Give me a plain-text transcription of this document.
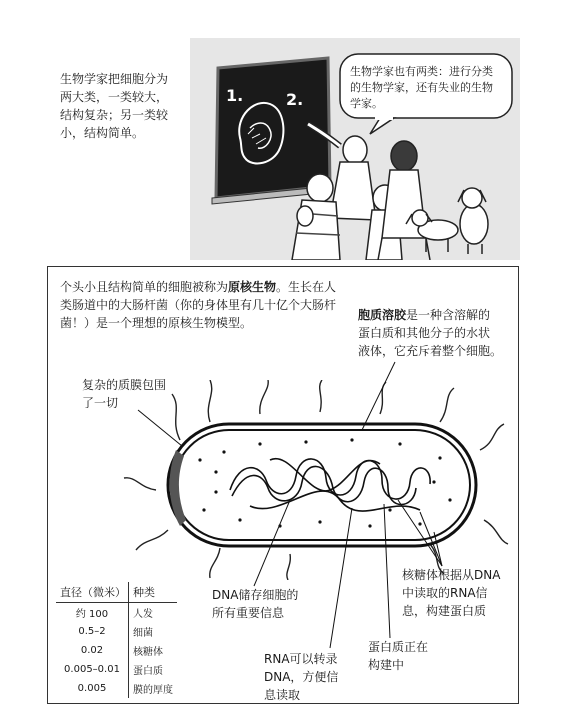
生物学家把细胞分为
两大类，一类较大，
结构复杂；另一类较
小，结构简单。
1.	2.
生物学家也有两类：进行分类
的生物学家，还有失业的生物
学家。
个头小且结构简单的细胞被称为原核生物。生长在人
类肠道中的大肠杆菌（你的身体里有几十亿个大肠杆
菌！）是一个理想的原核生物模型。
胞质溶胶是一种含溶解的
蛋白质和其他分子的水状
液体，它充斥着整个细胞。
复杂的质膜包围
了一切
DNA储存细胞的
所有重要信息
核糖体根据从DNA
中读取的RNA信
息，构建蛋白质
蛋白质正在
构建中
RNA可以转录
DNA，方便信
息读取
直径（微米）	种类
约 100	人发
0.5–2	细菌
0.02	核糖体
0.005–0.01	蛋白质
0.005	膜的厚度
